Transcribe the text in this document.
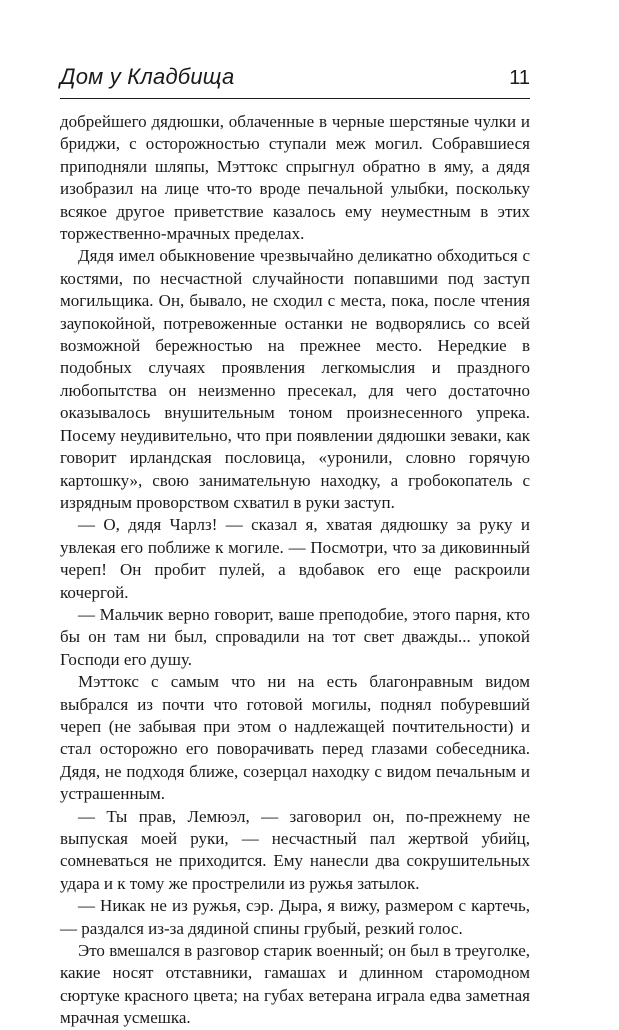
Дом у Кладбища	11

добрейшего дядюшки, облаченные в черные шерстяные чулки и бриджи, с осторожностью ступали меж могил. Собравшиеся приподняли шляпы, Мэттокс спрыгнул обратно в яму, а дядя изобразил на лице что-то вроде печальной улыбки, поскольку всякое другое приветствие казалось ему неуместным в этих торжественно-мрачных пределах.

Дядя имел обыкновение чрезвычайно деликатно обходиться с костями, по несчастной случайности попавшими под заступ могильщика. Он, бывало, не сходил с места, пока, после чтения заупокойной, потревоженные останки не водворялись со всей возможной бережностью на прежнее место. Нередкие в подобных случаях проявления легкомыслия и праздного любопытства он неизменно пресекал, для чего достаточно оказывалось внушительным тоном произнесенного упрека. Посему неудивительно, что при появлении дядюшки зеваки, как говорит ирландская пословица, «уронили, словно горячую картошку», свою занимательную находку, а гробокопатель с изрядным проворством схватил в руки заступ.

— О, дядя Чарлз! — сказал я, хватая дядюшку за руку и увлекая его поближе к могиле. — Посмотри, что за диковинный череп! Он пробит пулей, а вдобавок его еще раскроили кочергой.

— Мальчик верно говорит, ваше преподобие, этого парня, кто бы он там ни был, спровадили на тот свет дважды... упокой Господи его душу.

Мэттокс с самым что ни на есть благонравным видом выбрался из почти что готовой могилы, поднял побуревший череп (не забывая при этом о надлежащей почтительности) и стал осторожно его поворачивать перед глазами собеседника. Дядя, не подходя ближе, созерцал находку с видом печальным и устрашенным.

— Ты прав, Лемюэл, — заговорил он, по-прежнему не выпуская моей руки, — несчастный пал жертвой убийц, сомневаться не приходится. Ему нанесли два сокрушительных удара и к тому же прострелили из ружья затылок.

— Никак не из ружья, сэр. Дыра, я вижу, размером с картечь, — раздался из-за дядиной спины грубый, резкий голос.

Это вмешался в разговор старик военный; он был в треуголке, какие носят отставники, гамашах и длинном старомодном сюртуке красного цвета; на губах ветерана играла едва заметная мрачная усмешка.
